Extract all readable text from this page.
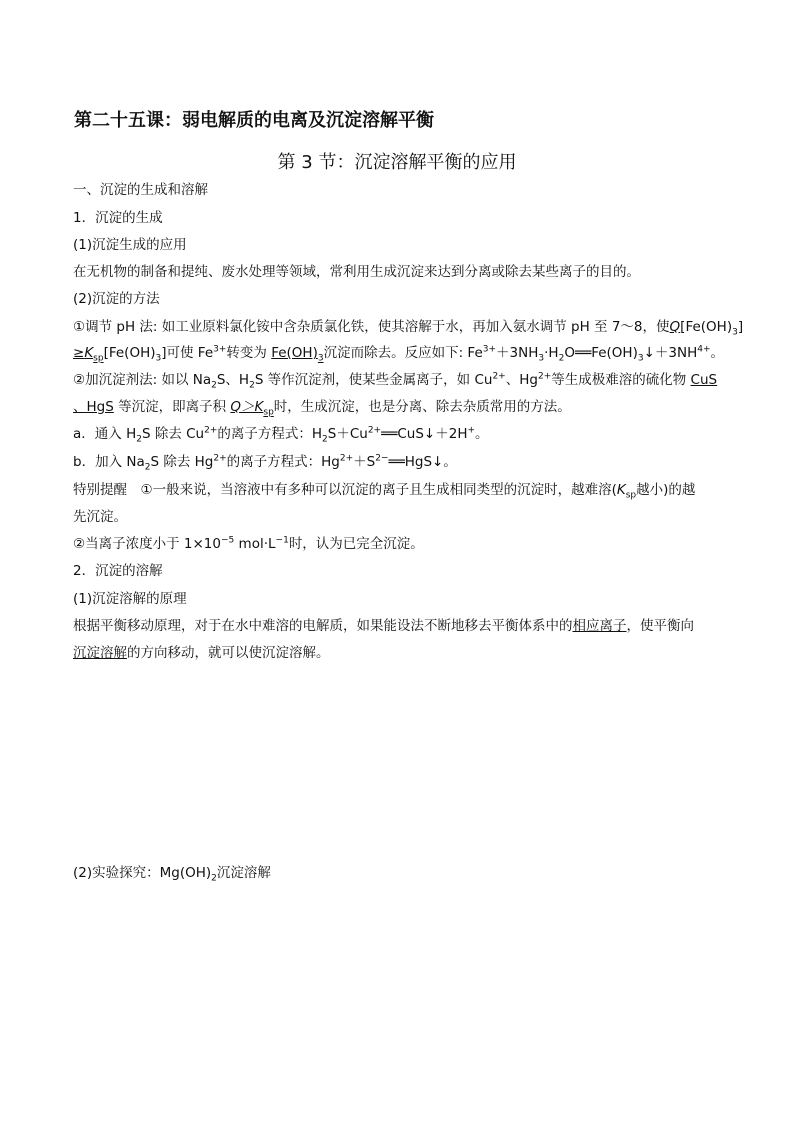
第二十五课：弱电解质的电离及沉淀溶解平衡
第 3 节：沉淀溶解平衡的应用
一、沉淀的生成和溶解
1．沉淀的生成
(1)沉淀生成的应用
在无机物的制备和提纯、废水处理等领域，常利用生成沉淀来达到分离或除去某些离子的目的。
(2)沉淀的方法
①调节 pH 法: 如工业原料氯化铵中含杂质氯化铁，使其溶解于水，再加入氨水调节 pH 至 7～8，使$Q[Fe(OH)_3]$
$\ge K_{sp}[Fe(OH)_3]$可使 $Fe^{3+}$转变为 $Fe(OH)_3$沉淀而除去。反应如下: $Fe^{3+}+3NH_3\cdot H_2O══Fe(OH)_3↓+3NH^{4+}$。
②加沉淀剂法: 如以 $Na_2S$、$H_2S$ 等作沉淀剂，使某些金属离子，如 $Cu^{2+}$、$Hg^{2+}$等生成极难溶的硫化物 CuS
、HgS 等沉淀，即离子积 $Q>K_{sp}$时，生成沉淀，也是分离、除去杂质常用的方法。
a．通入 $H_2S$ 除去 $Cu^{2+}$的离子方程式：$H_2S+Cu^{2+}══CuS↓+2H^+$。
b．加入 $Na_2S$ 除去 $Hg^{2+}$的离子方程式：$Hg^{2+}+S^{2-}══HgS↓$。
特别提醒　①一般来说，当溶液中有多种可以沉淀的离子且生成相同类型的沉淀时，越难溶($K_{sp}$越小)的越
先沉淀。
②当离子浓度小于 $1\times 10^{-5}$ $mol\cdot L^{-1}$时，认为已完全沉淀。
2．沉淀的溶解
(1)沉淀溶解的原理
根据平衡移动原理，对于在水中难溶的电解质，如果能设法不断地移去平衡体系中的相应离子，使平衡向
沉淀溶解的方向移动，就可以使沉淀溶解。
(2)实验探究：$Mg(OH)_2$沉淀溶解
